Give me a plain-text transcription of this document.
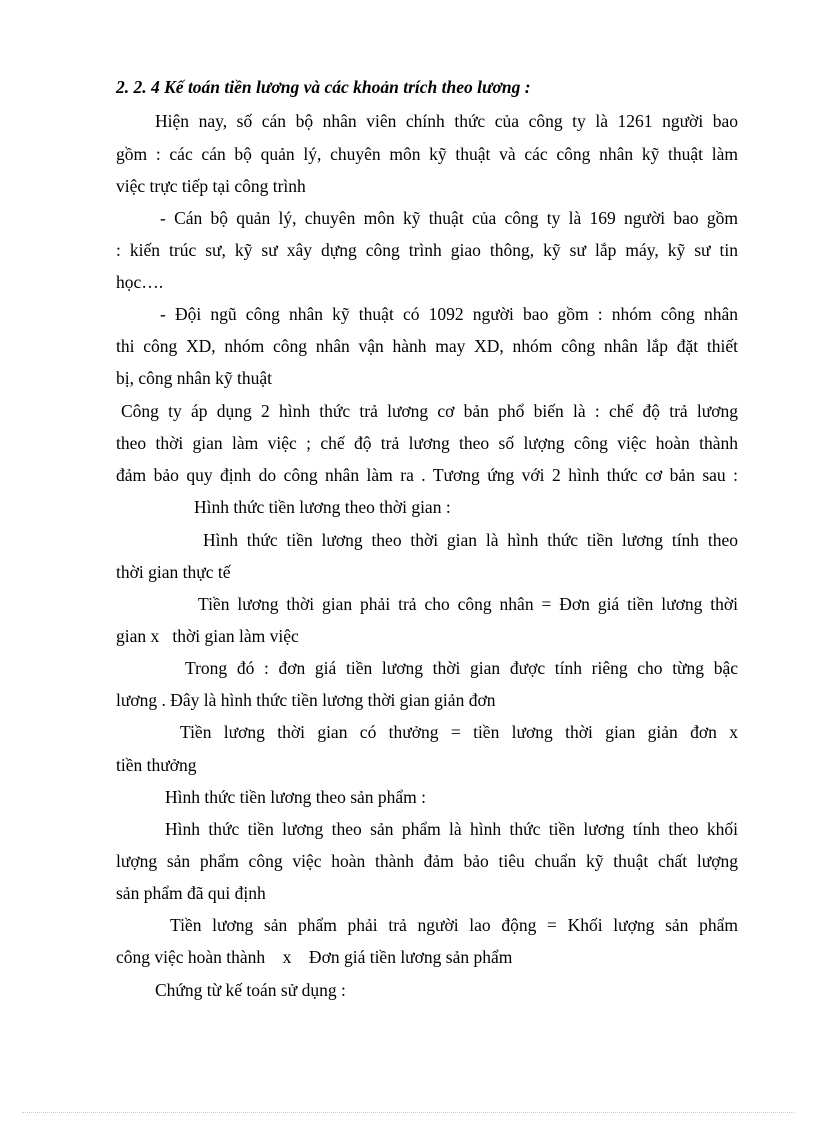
2. 2. 4 Kế toán tiền lương và các khoản trích theo lương :
Hiện nay, số cán bộ nhân viên chính thức của công ty là 1261 người bao
gồm : các cán bộ quản lý, chuyên môn kỹ thuật và các công nhân kỹ thuật làm
việc trực tiếp tại công trình
- Cán bộ quản lý, chuyên môn kỹ thuật của công ty là 169 người bao gồm
: kiến trúc sư, kỹ sư xây dựng công trình giao thông, kỹ sư lắp máy, kỹ sư tin
học….
- Đội ngũ công nhân kỹ thuật có 1092 người bao gồm : nhóm công nhân
thi công XD, nhóm công nhân vận hành may XD, nhóm công nhân lắp đặt thiết
bị, công nhân kỹ thuật
Công ty áp dụng 2 hình thức trả lương cơ bản phổ biến là : chế độ trả lương
theo thời gian làm việc ; chế độ trả lương theo số lượng công việc hoàn thành
đảm bảo quy định do công nhân làm ra . Tương ứng với 2 hình thức cơ bản sau :
Hình thức tiền lương theo thời gian :
Hình thức tiền lương theo thời gian là hình thức tiền lương tính theo
thời gian thực tế
Tiền lương thời gian phải trả cho công nhân = Đơn giá tiền lương thời
gian x   thời gian làm việc
Trong đó : đơn giá tiền lương thời gian được tính riêng cho từng bậc
lương . Đây là hình thức tiền lương thời gian giản đơn
Tiền lương thời gian có thưởng = tiền lương thời gian giản đơn x
tiền thưởng
Hình thức tiền lương theo sản phẩm :
Hình thức tiền lương theo sản phẩm là hình thức tiền lương tính theo khối
lượng sản phẩm công việc hoàn thành đảm bảo tiêu chuẩn kỹ thuật chất lượng
sản phẩm đã qui định
Tiền lương sản phẩm phải trả người lao động = Khối lượng sản phẩm
công việc hoàn thành    x    Đơn giá tiền lương sản phẩm
Chứng từ kế toán sử dụng :
